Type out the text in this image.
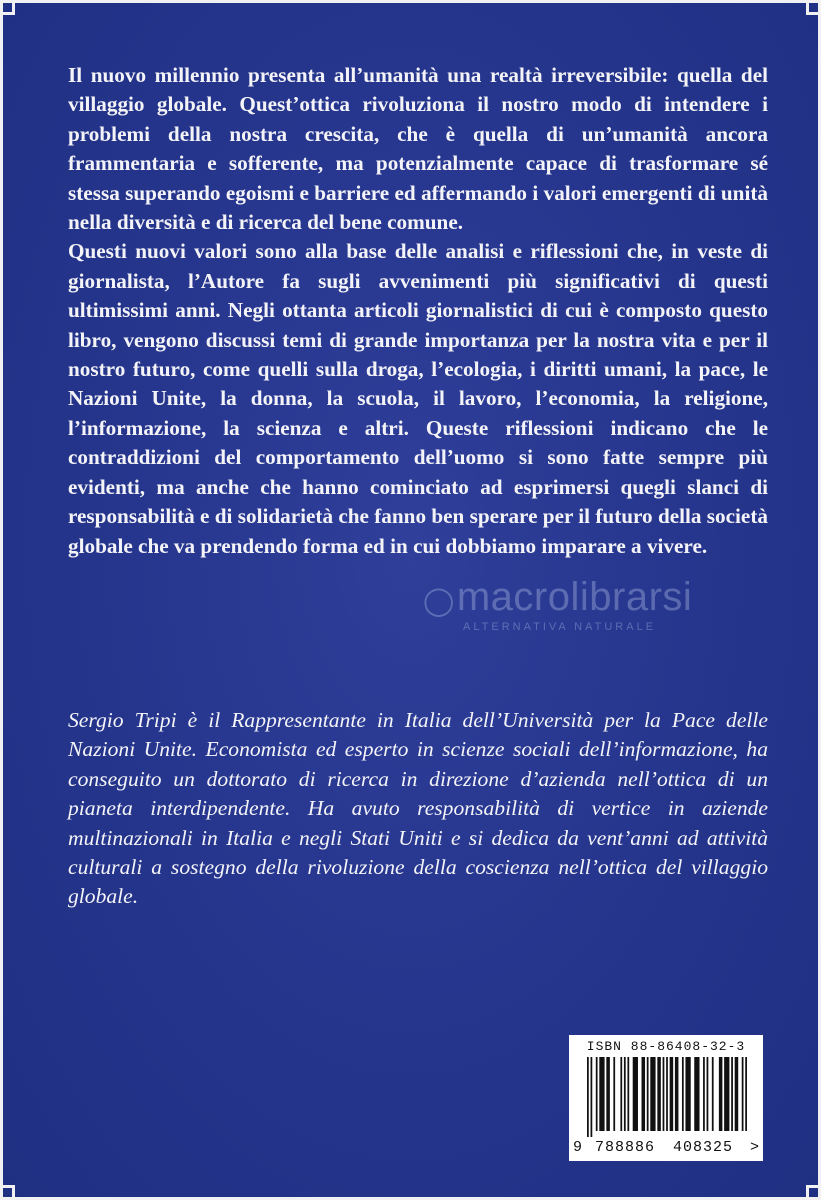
Il nuovo millennio presenta all’umanità una realtà irreversibile: quella del villaggio globale. Quest’ottica rivoluziona il nostro modo di intendere i problemi della nostra crescita, che è quella di un’umanità ancora frammentaria e sofferente, ma potenzialmente capace di trasformare sé stessa superando egoismi e barriere ed affermando i valori emergenti di unità nella diversità e di ricerca del bene comune.

Questi nuovi valori sono alla base delle analisi e riflessioni che, in veste di giornalista, l’Autore fa sugli avvenimenti più significativi di questi ultimissimi anni. Negli ottanta articoli giornalistici di cui è composto questo libro, vengono discussi temi di grande importanza per la nostra vita e per il nostro futuro, come quelli sulla droga, l’ecologia, i diritti umani, la pace, le Nazioni Unite, la donna, la scuola, il lavoro, l’economia, la religione, l’informazione, la scienza e altri. Queste riflessioni indicano che le contraddizioni del comportamento dell’uomo si sono fatte sempre più evidenti, ma anche che hanno cominciato ad esprimersi quegli slanci di responsabilità e di solidarietà che fanno ben sperare per il futuro della società globale che va prendendo forma ed in cui dobbiamo imparare a vivere.

◯macrolibrarsi
ALTERNATIVA NATURALE

Sergio Tripi è il Rappresentante in Italia dell’Università per la Pace delle Nazioni Unite. Economista ed esperto in scienze sociali dell’informazione, ha conseguito un dottorato di ricerca in direzione d’azienda nell’ottica di un pianeta interdipendente. Ha avuto responsabilità di vertice in aziende multinazionali in Italia e negli Stati Uniti e si dedica da vent’anni ad attività culturali a sostegno della rivoluzione della coscienza nell’ottica del villaggio globale.

ISBN 88-86408-32-3
9 788886 408325 >
